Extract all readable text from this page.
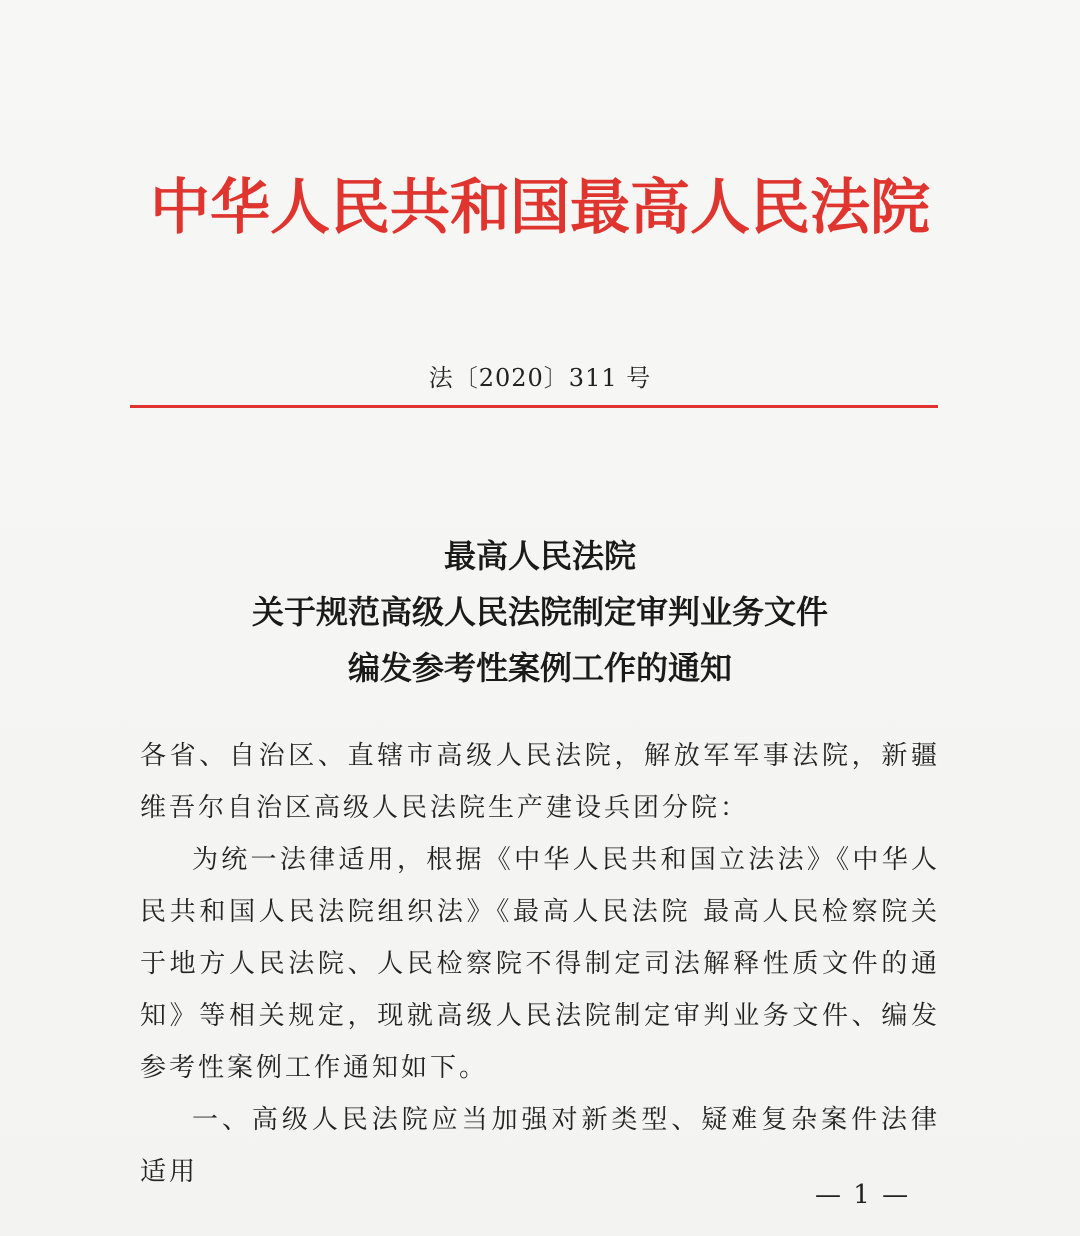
中华人民共和国最高人民法院
法〔2020〕311 号
最高人民法院
关于规范高级人民法院制定审判业务文件
编发参考性案例工作的通知

各省、自治区、直辖市高级人民法院，解放军军事法院，新疆维吾尔自治区高级人民法院生产建设兵团分院：

为统一法律适用，根据《中华人民共和国立法法》《中华人民共和国人民法院组织法》《最高人民法院 最高人民检察院关于地方人民法院、人民检察院不得制定司法解释性质文件的通知》等相关规定，现就高级人民法院制定审判业务文件、编发参考性案例工作通知如下。

一、高级人民法院应当加强对新类型、疑难复杂案件法律适用

— 1 —
